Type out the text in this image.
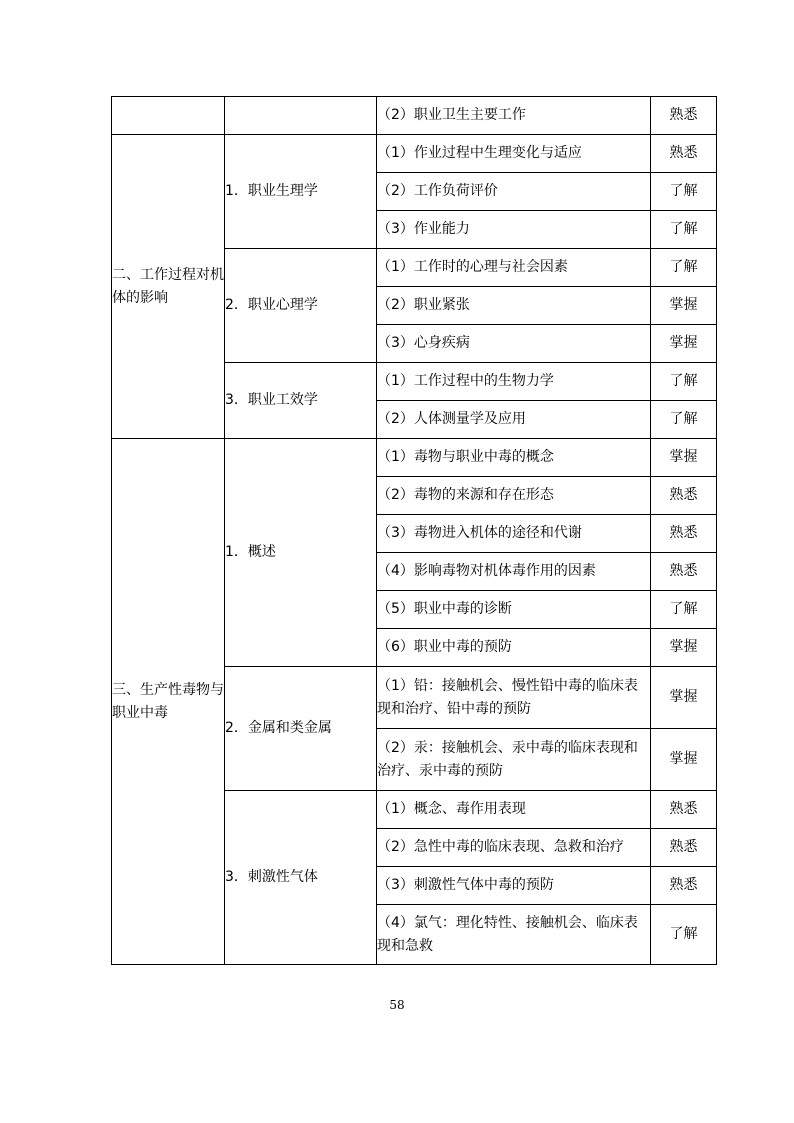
		（2）职业卫生主要工作	熟悉
二、工作过程对机体的影响	1．职业生理学	（1）作业过程中生理变化与适应	熟悉
		（2）工作负荷评价	了解
		（3）作业能力	了解
	2．职业心理学	（1）工作时的心理与社会因素	了解
		（2）职业紧张	掌握
		（3）心身疾病	掌握
	3．职业工效学	（1）工作过程中的生物力学	了解
		（2）人体测量学及应用	了解
三、生产性毒物与职业中毒	1．概述	（1）毒物与职业中毒的概念	掌握
		（2）毒物的来源和存在形态	熟悉
		（3）毒物进入机体的途径和代谢	熟悉
		（4）影响毒物对机体毒作用的因素	熟悉
		（5）职业中毒的诊断	了解
		（6）职业中毒的预防	掌握
	2．金属和类金属	（1）铅：接触机会、慢性铅中毒的临床表现和治疗、铅中毒的预防	掌握
		（2）汞：接触机会、汞中毒的临床表现和治疗、汞中毒的预防	掌握
	3．刺激性气体	（1）概念、毒作用表现	熟悉
		（2）急性中毒的临床表现、急救和治疗	熟悉
		（3）刺激性气体中毒的预防	熟悉
		（4）氯气：理化特性、接触机会、临床表现和急救	了解
58
